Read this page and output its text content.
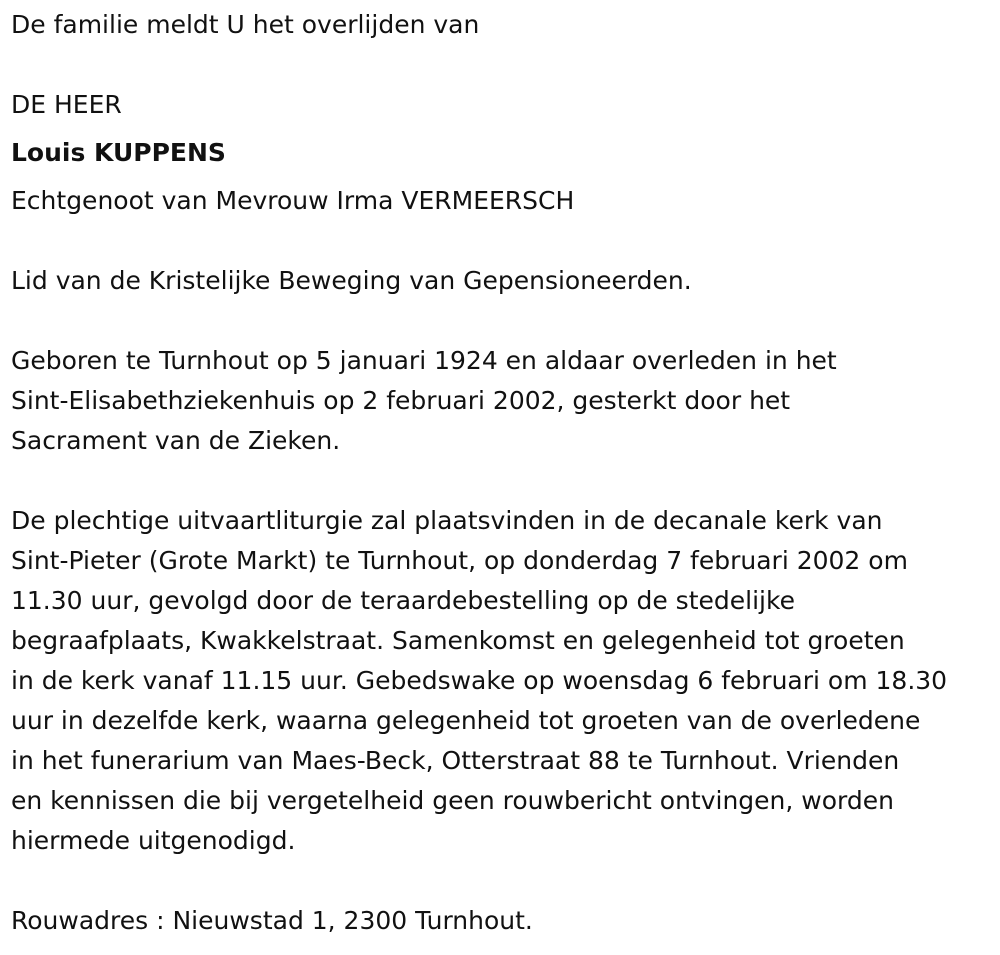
De familie meldt U het overlijden van

DE HEER

Louis KUPPENS

Echtgenoot van Mevrouw Irma VERMEERSCH

Lid van de Kristelijke Beweging van Gepensioneerden.

Geboren te Turnhout op 5 januari 1924 en aldaar overleden in het

Sint-Elisabethziekenhuis op 2 februari 2002, gesterkt door het

Sacrament van de Zieken.

De plechtige uitvaartliturgie zal plaatsvinden in de decanale kerk van

Sint-Pieter (Grote Markt) te Turnhout, op donderdag 7 februari 2002 om

11.30 uur, gevolgd door de teraardebestelling op de stedelijke

begraafplaats, Kwakkelstraat. Samenkomst en gelegenheid tot groeten

in de kerk vanaf 11.15 uur. Gebedswake op woensdag 6 februari om 18.30

uur in dezelfde kerk, waarna gelegenheid tot groeten van de overledene

in het funerarium van Maes-Beck, Otterstraat 88 te Turnhout. Vrienden

en kennissen die bij vergetelheid geen rouwbericht ontvingen, worden

hiermede uitgenodigd.

Rouwadres : Nieuwstad 1, 2300 Turnhout.
